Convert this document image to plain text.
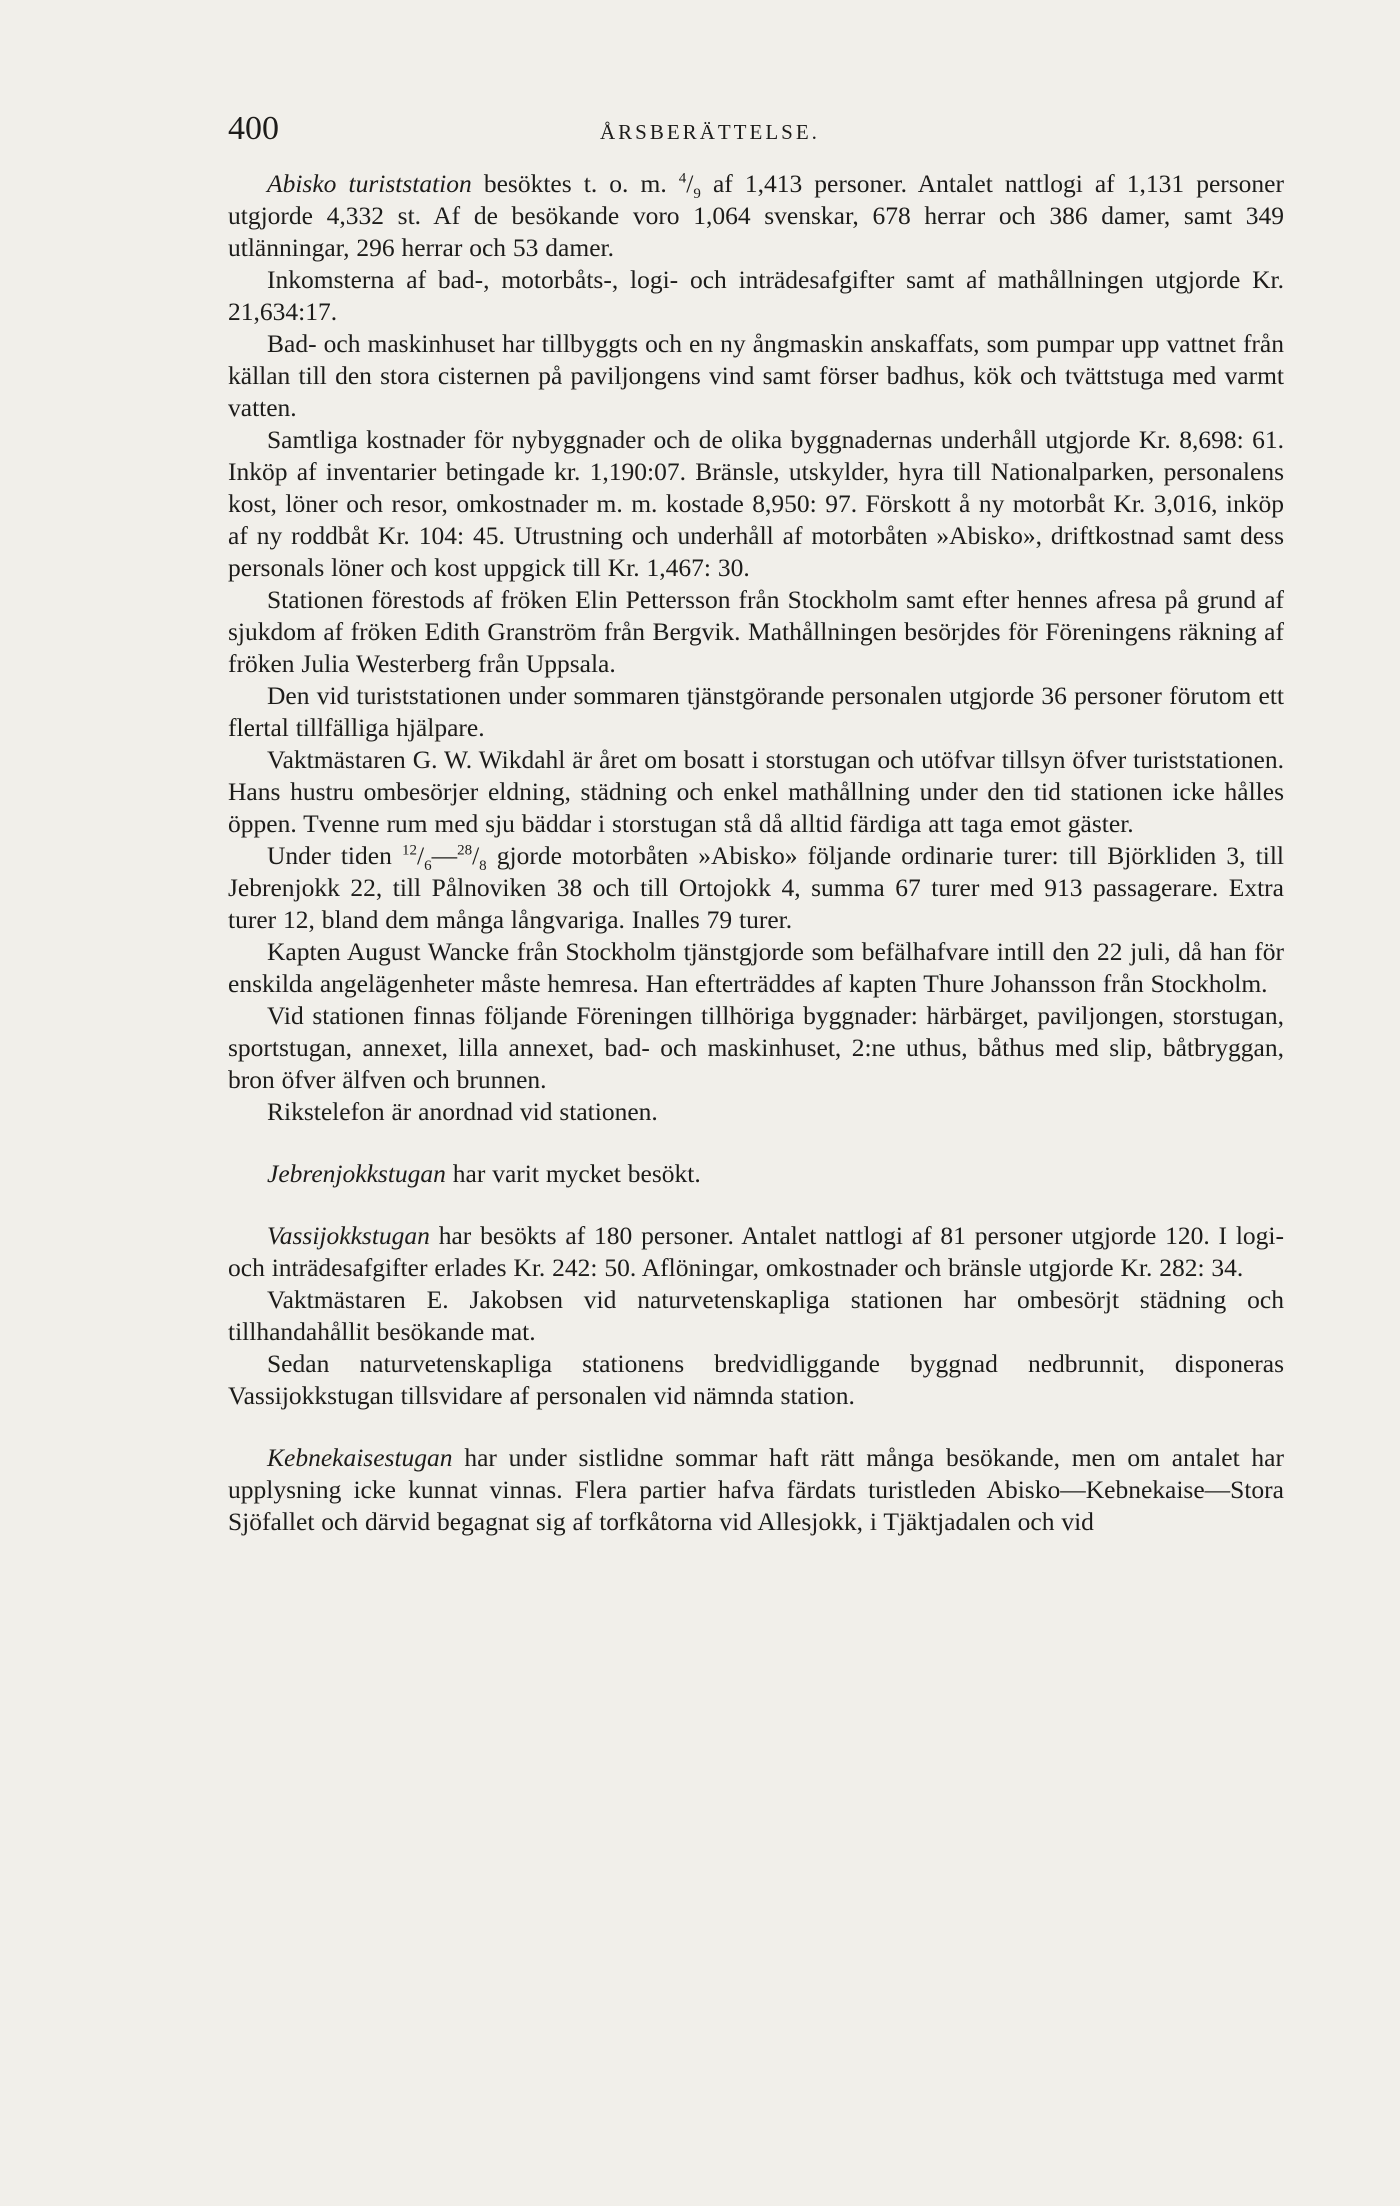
400	ÅRSBERÄTTELSE.

Abisko turiststation besöktes t. o. m. $^4/_9$ af 1,413 personer. Antalet nattlogi af 1,131 personer utgjorde 4,332 st. Af de besökande voro 1,064 svenskar, 678 herrar och 386 damer, samt 349 utlänningar, 296 herrar och 53 damer.

Inkomsterna af bad-, motorbåts-, logi- och inträdesafgifter samt af mathållningen utgjorde Kr. 21,634:17.

Bad- och maskinhuset har tillbyggts och en ny ångmaskin anskaffats, som pumpar upp vattnet från källan till den stora cisternen på paviljongens vind samt förser badhus, kök och tvättstuga med varmt vatten.

Samtliga kostnader för nybyggnader och de olika byggnadernas underhåll utgjorde Kr. 8,698: 61. Inköp af inventarier betingade kr. 1,190:07. Bränsle, utskylder, hyra till Nationalparken, personalens kost, löner och resor, omkostnader m. m. kostade 8,950: 97. Förskott å ny motorbåt Kr. 3,016, inköp af ny roddbåt Kr. 104: 45. Utrustning och underhåll af motorbåten »Abisko», driftkostnad samt dess personals löner och kost uppgick till Kr. 1,467: 30.

Stationen förestods af fröken Elin Pettersson från Stockholm samt efter hennes afresa på grund af sjukdom af fröken Edith Granström från Bergvik. Mathållningen besörjdes för Föreningens räkning af fröken Julia Westerberg från Uppsala.

Den vid turiststationen under sommaren tjänstgörande personalen utgjorde 36 personer förutom ett flertal tillfälliga hjälpare.

Vaktmästaren G. W. Wikdahl är året om bosatt i storstugan och utöfvar tillsyn öfver turiststationen. Hans hustru ombesörjer eldning, städning och enkel mathållning under den tid stationen icke hålles öppen. Tvenne rum med sju bäddar i storstugan stå då alltid färdiga att taga emot gäster.

Under tiden $^{12}/_6—^{28}/_8$ gjorde motorbåten »Abisko» följande ordinarie turer: till Björkliden 3, till Jebrenjokk 22, till Pålnoviken 38 och till Ortojokk 4, summa 67 turer med 913 passagerare. Extra turer 12, bland dem många långvariga. Inalles 79 turer.

Kapten August Wancke från Stockholm tjänstgjorde som befälhafvare intill den 22 juli, då han för enskilda angelägenheter måste hemresa. Han efterträddes af kapten Thure Johansson från Stockholm.

Vid stationen finnas följande Föreningen tillhöriga byggnader: härbärget, paviljongen, storstugan, sportstugan, annexet, lilla annexet, bad- och maskinhuset, 2:ne uthus, båthus med slip, båtbryggan, bron öfver älfven och brunnen.

Rikstelefon är anordnad vid stationen.

Jebrenjokkstugan har varit mycket besökt.

Vassijokkstugan har besökts af 180 personer. Antalet nattlogi af 81 personer utgjorde 120. I logi- och inträdesafgifter erlades Kr. 242: 50. Aflöningar, omkostnader och bränsle utgjorde Kr. 282: 34.

Vaktmästaren E. Jakobsen vid naturvetenskapliga stationen har ombesörjt städning och tillhandahållit besökande mat.

Sedan naturvetenskapliga stationens bredvidliggande byggnad nedbrunnit, disponeras Vassijokkstugan tillsvidare af personalen vid nämnda station.

Kebnekaisestugan har under sistlidne sommar haft rätt många besökande, men om antalet har upplysning icke kunnat vinnas. Flera partier hafva färdats turistleden Abisko—Kebnekaise—Stora Sjöfallet och därvid begagnat sig af torfkåtorna vid Allesjokk, i Tjäktjadalen och vid
